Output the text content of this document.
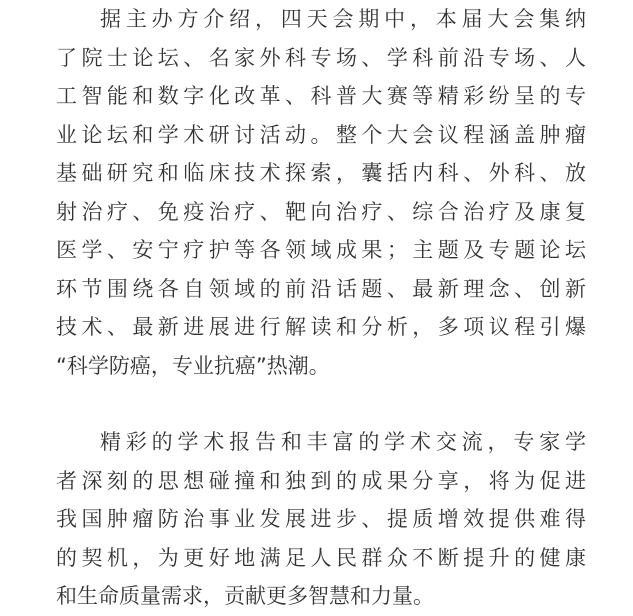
据主办方介绍，四天会期中，本届大会集纳
了院士论坛、名家外科专场、学科前沿专场、人
工智能和数字化改革、科普大赛等精彩纷呈的专
业论坛和学术研讨活动。整个大会议程涵盖肿瘤
基础研究和临床技术探索，囊括内科、外科、放
射治疗、免疫治疗、靶向治疗、综合治疗及康复
医学、安宁疗护等各领域成果；主题及专题论坛
环节围绕各自领域的前沿话题、最新理念、创新
技术、最新进展进行解读和分析，多项议程引爆
“科学防癌，专业抗癌”热潮。
精彩的学术报告和丰富的学术交流，专家学
者深刻的思想碰撞和独到的成果分享，将为促进
我国肿瘤防治事业发展进步、提质增效提供难得
的契机，为更好地满足人民群众不断提升的健康
和生命质量需求，贡献更多智慧和力量。
